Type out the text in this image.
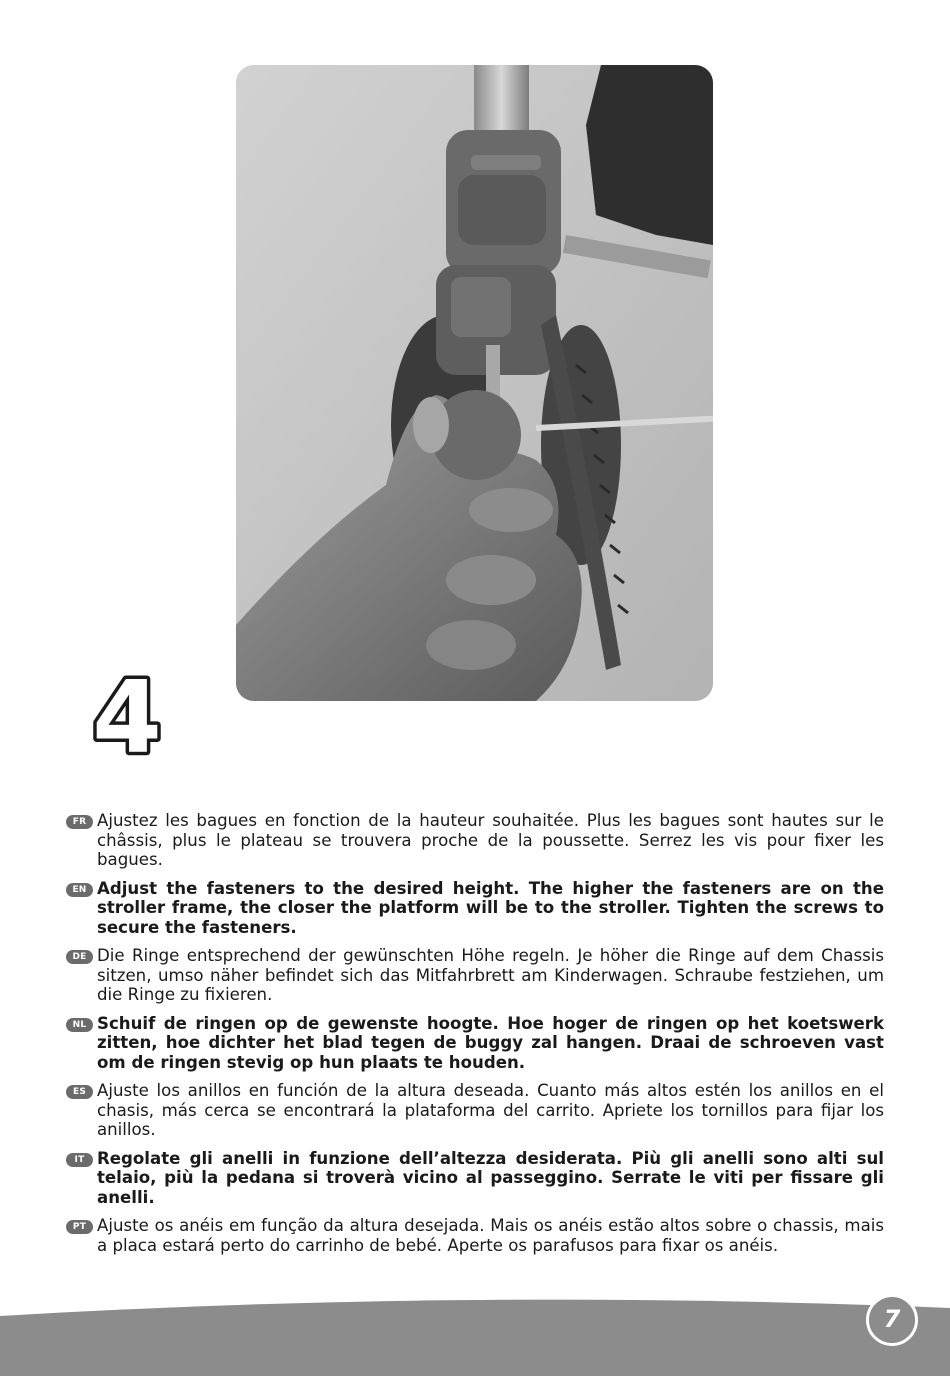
4
FR Ajustez les bagues en fonction de la hauteur souhaitée. Plus les bagues sont hautes sur le châssis, plus le plateau se trouvera proche de la poussette. Serrez les vis pour fixer les bagues.
EN Adjust the fasteners to the desired height. The higher the fasteners are on the stroller frame, the closer the platform will be to the stroller. Tighten the screws to secure the fasteners.
DE Die Ringe entsprechend der gewünschten Höhe regeln. Je höher die Ringe auf dem Chassis sitzen, umso näher befindet sich das Mitfahrbrett am Kinderwagen. Schraube festziehen, um die Ringe zu fixieren.
NL Schuif de ringen op de gewenste hoogte. Hoe hoger de ringen op het koetswerk zitten, hoe dichter het blad tegen de buggy zal hangen. Draai de schroeven vast om de ringen stevig op hun plaats te houden.
ES Ajuste los anillos en función de la altura deseada. Cuanto más altos estén los anillos en el chasis, más cerca se encontrará la plataforma del carrito. Apriete los tornillos para fijar los anillos.
IT Regolate gli anelli in funzione dell’altezza desiderata. Più gli anelli sono alti sul telaio, più la pedana si troverà vicino al passeggino. Serrate le viti per fissare gli anelli.
PT Ajuste os anéis em função da altura desejada. Mais os anéis estão altos sobre o chassis, mais a placa estará perto do carrinho de bebé. Aperte os parafusos para fixar os anéis.
7
